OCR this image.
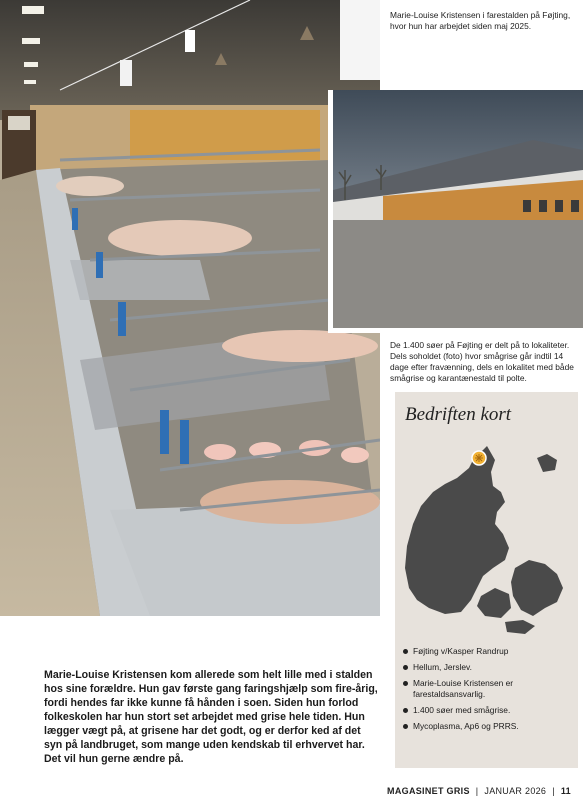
Marie-Louise Kristensen i farestalden på Føjting, hvor hun har arbejdet siden maj 2025.
De 1.400 søer på Føjting er delt på to lokaliteter. Dels soholdet (foto) hvor smågrise går indtil 14 dage efter fravænning, dels en lokalitet med både smågrise og karantænestald til polte.
Bedriften kort
Føjting v/Kasper Randrup
Hellum, Jerslev.
Marie-Louise Kristensen er farestaldsansvarlig.
1.400 søer med smågrise.
Mycoplasma, Ap6 og PRRS.

Marie-Louise Kristensen kom allerede som helt lille med i stalden hos sine forældre. Hun gav første gang faringshjælp som fire-årig, fordi hendes far ikke kunne få hånden i soen. Siden hun forlod folkeskolen har hun stort set arbejdet med grise hele tiden. Hun lægger vægt på, at grisene har det godt, og er derfor ked af det syn på landbruget, som mange uden kendskab til erhvervet har. Det vil hun gerne ændre på.

MAGASINET GRIS | JANUAR 2026 | 11
